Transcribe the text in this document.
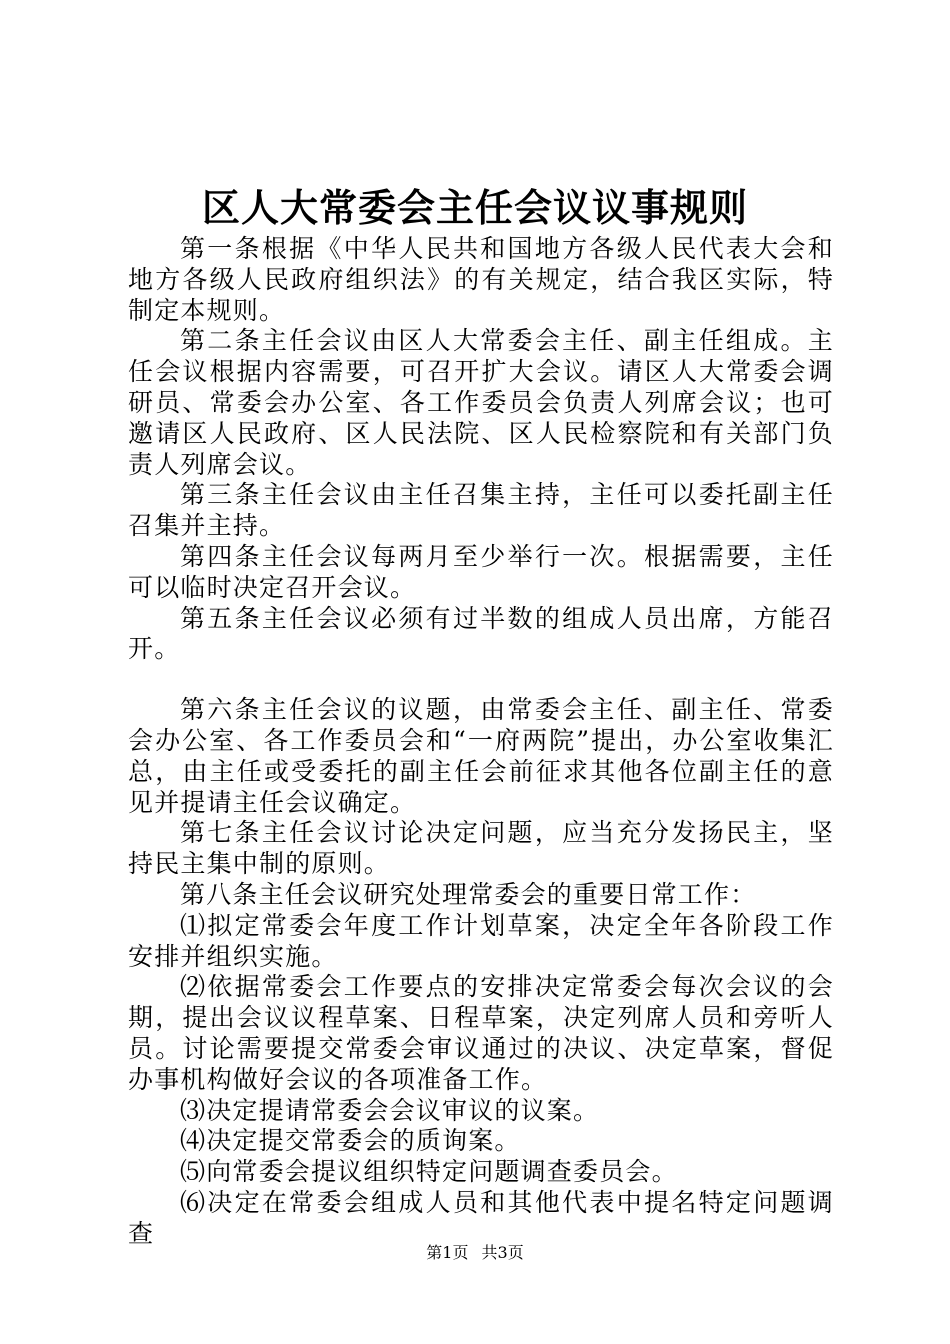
区人大常委会主任会议议事规则

第一条根据《中华人民共和国地方各级人民代表大会和地方各级人民政府组织法》的有关规定，结合我区实际，特制定本规则。

第二条主任会议由区人大常委会主任、副主任组成。主任会议根据内容需要，可召开扩大会议。请区人大常委会调研员、常委会办公室、各工作委员会负责人列席会议；也可邀请区人民政府、区人民法院、区人民检察院和有关部门负责人列席会议。

第三条主任会议由主任召集主持，主任可以委托副主任召集并主持。

第四条主任会议每两月至少举行一次。根据需要，主任可以临时决定召开会议。

第五条主任会议必须有过半数的组成人员出席，方能召开。

第六条主任会议的议题，由常委会主任、副主任、常委会办公室、各工作委员会和“一府两院”提出，办公室收集汇总，由主任或受委托的副主任会前征求其他各位副主任的意见并提请主任会议确定。

第七条主任会议讨论决定问题，应当充分发扬民主，坚持民主集中制的原则。

第八条主任会议研究处理常委会的重要日常工作：

⑴拟定常委会年度工作计划草案，决定全年各阶段工作安排并组织实施。

⑵依据常委会工作要点的安排决定常委会每次会议的会期，提出会议议程草案、日程草案，决定列席人员和旁听人员。讨论需要提交常委会审议通过的决议、决定草案，督促办事机构做好会议的各项准备工作。

⑶决定提请常委会会议审议的议案。

⑷决定提交常委会的质询案。

⑸向常委会提议组织特定问题调查委员会。

⑹决定在常委会组成人员和其他代表中提名特定问题调查

第1页 共3页
